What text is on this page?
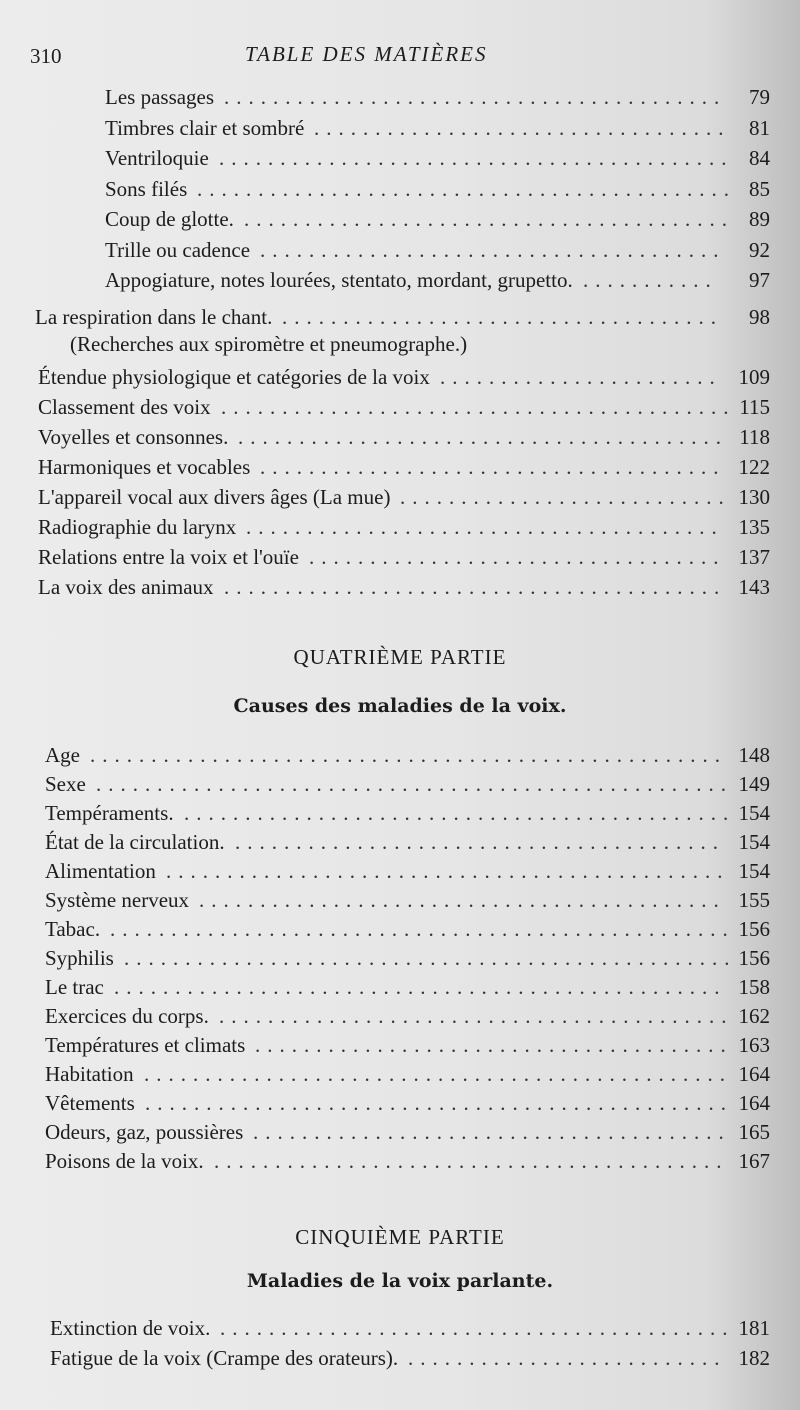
310	TABLE DES MATIÈRES
Les passages ......................................... 79
Timbres clair et sombré .................................. 81
Ventriloquie .......................................... 84
Sons filés ............................................ 85
Coup de glotte. ........................................ 89
Trille ou cadence ...................................... 92
Appogiature, notes lourées, stentato, mordant, grupetto. ........... 97
La respiration dans le chant. .................................... 98
(Recherches aux spiromètre et pneumographe.)
Étendue physiologique et catégories de la voix ....................... 109
Classement des voix .......................................... 115
Voyelles et consonnes. ........................................ 118
Harmoniques et vocables ...................................... 122
L'appareil vocal aux divers âges (La mue) ........................... 130
Radiographie du larynx ....................................... 135
Relations entre la voix et l'ouïe .................................. 137
La voix des animaux ......................................... 143
QUATRIÈME PARTIE
Causes des maladies de la voix.
Age .................................................... 148
Sexe .................................................... 149
Tempéraments. ............................................. 154
État de la circulation. ........................................ 154
Alimentation .............................................. 154
Système nerveux ........................................... 155
Tabac. ................................................... 156
Syphilis .................................................. 156
Le trac .................................................. 158
Exercices du corps. .......................................... 162
Températures et climats ....................................... 163
Habitation ................................................ 164
Vêtements ................................................ 164
Odeurs, gaz, poussières ....................................... 165
Poisons de la voix. .......................................... 167
CINQUIÈME PARTIE
Maladies de la voix parlante.
Extinction de voix. .......................................... 181
Fatigue de la voix (Crampe des orateurs). .......................... 182
